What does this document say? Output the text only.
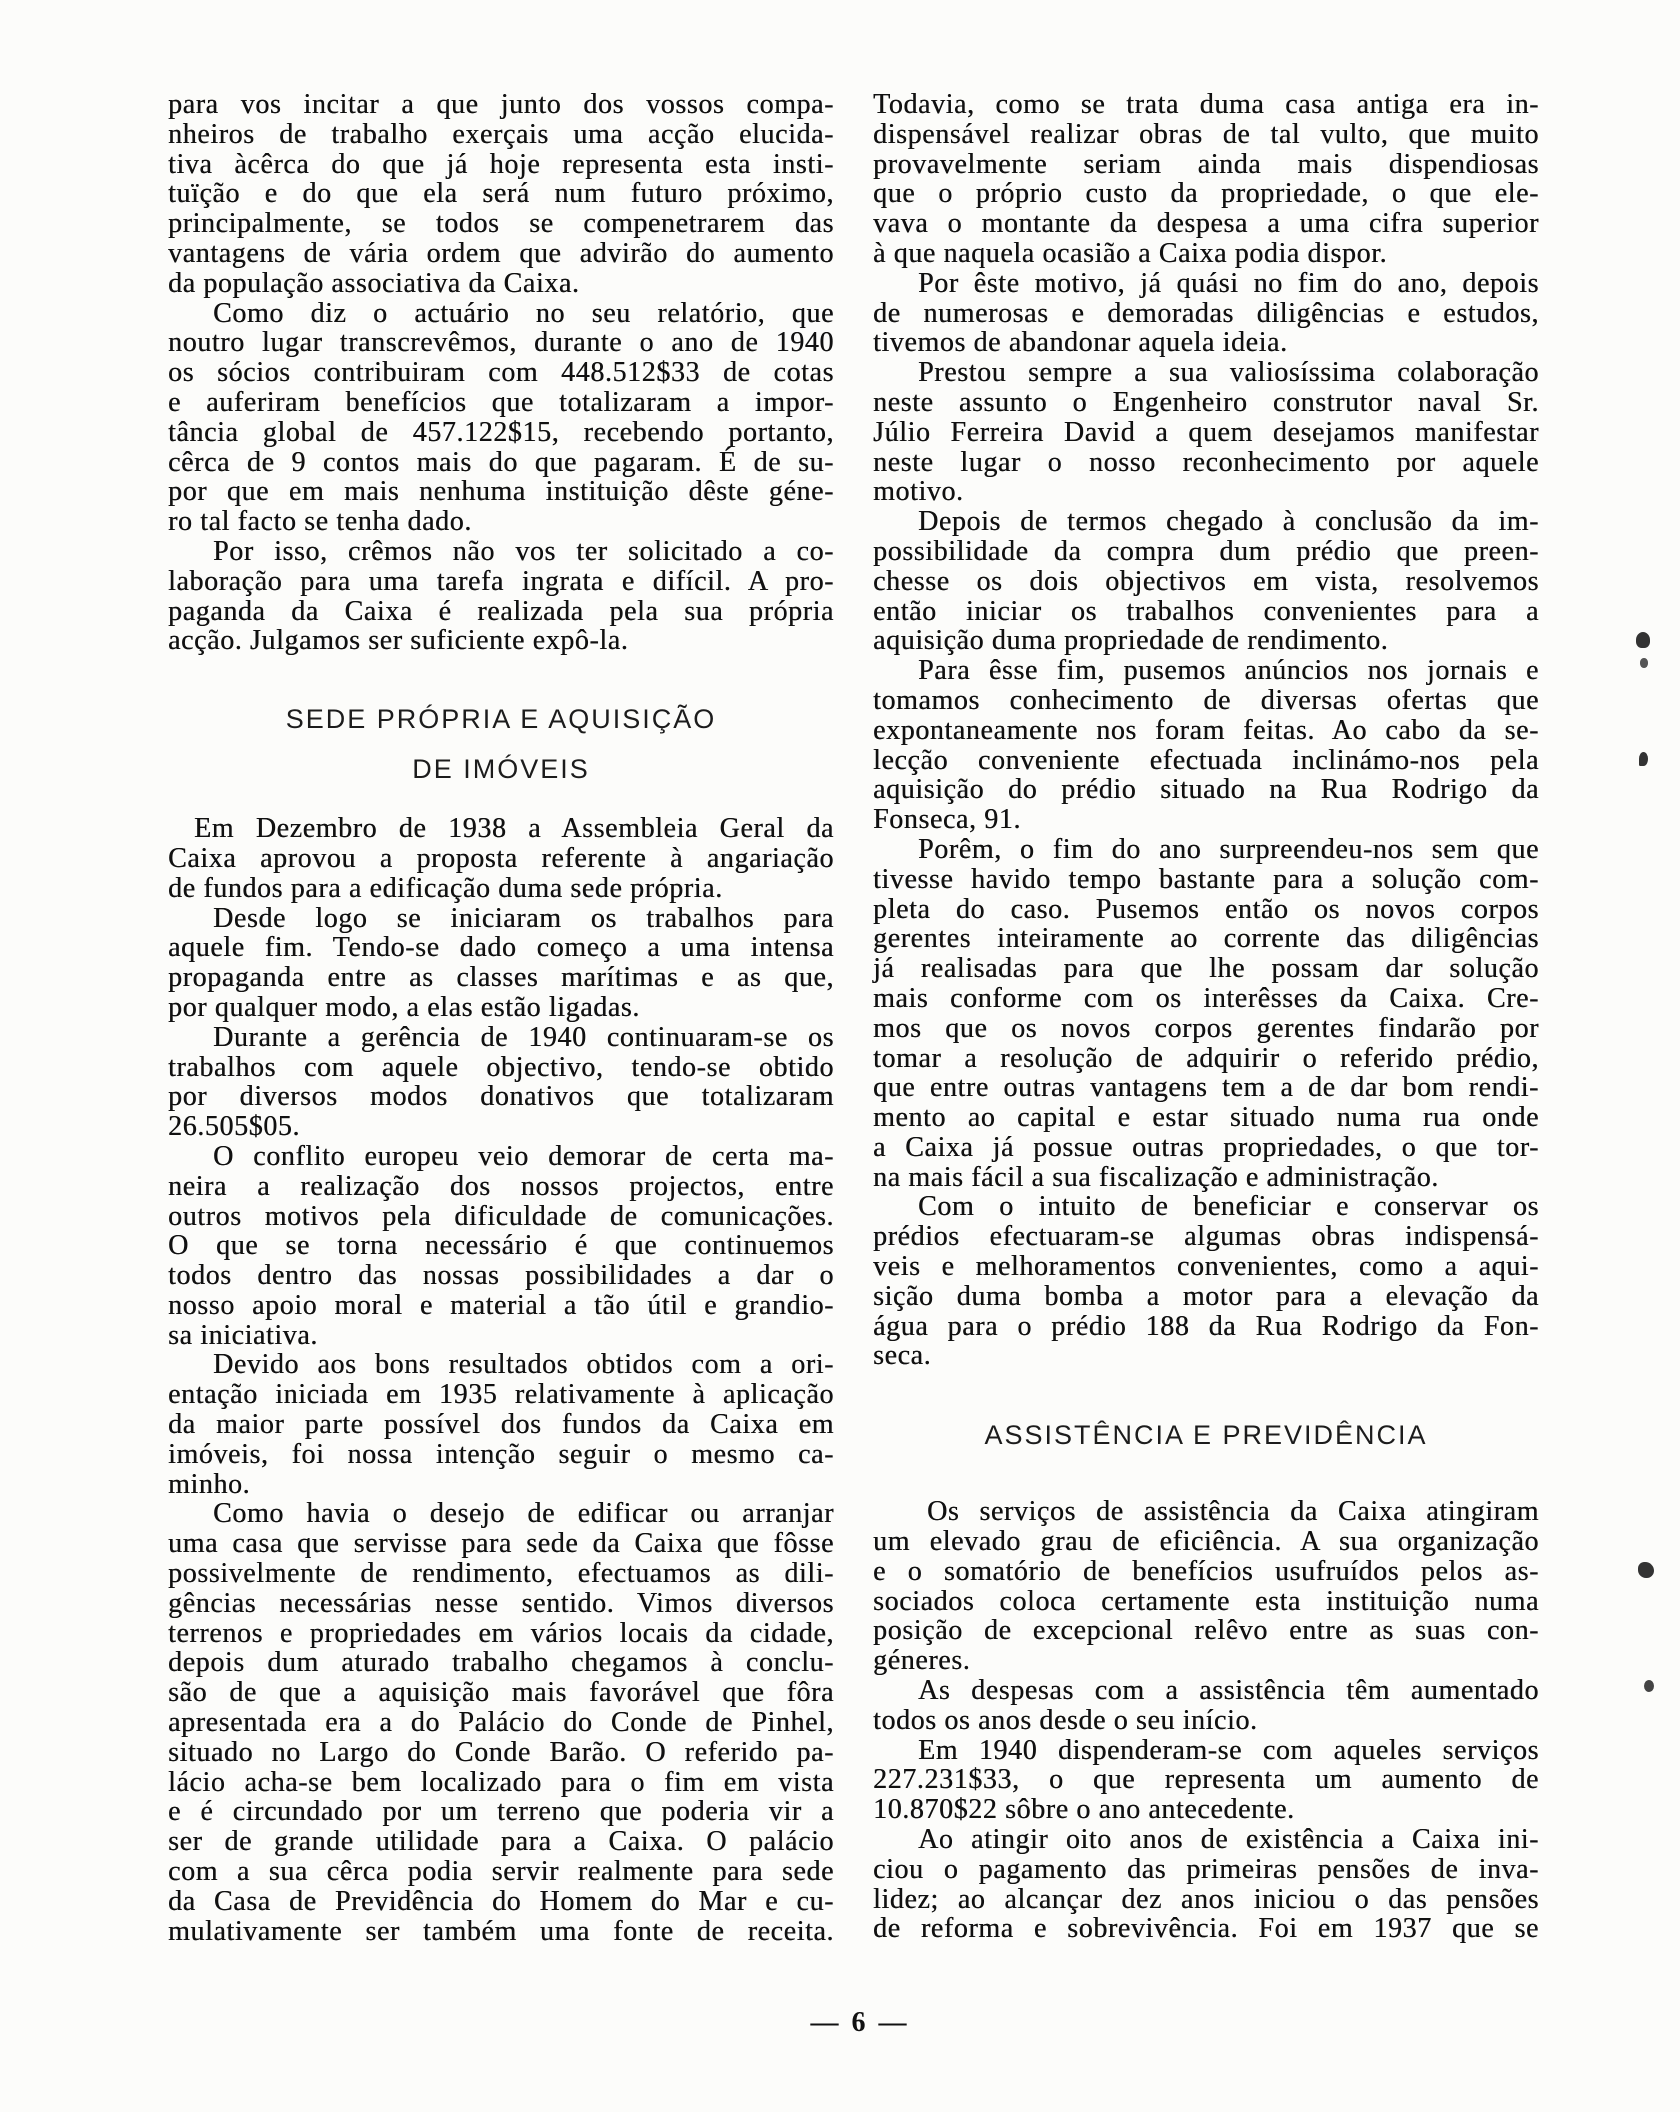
para vos incitar a que junto dos vossos compa-
nheiros de trabalho exerçais uma acção elucida-
tiva àcêrca do que já hoje representa esta insti-
tuïção e do que ela será num futuro próximo,
principalmente, se todos se compenetrarem das
vantagens de vária ordem que advirão do aumento
da população associativa da Caixa.
Como diz o actuário no seu relatório, que
noutro lugar transcrevêmos, durante o ano de 1940
os sócios contribuiram com 448.512$33 de cotas
e auferiram benefícios que totalizaram a impor-
tância global de 457.122$15, recebendo portanto,
cêrca de 9 contos mais do que pagaram. É de su-
por que em mais nenhuma instituição dêste géne-
ro tal facto se tenha dado.
Por isso, crêmos não vos ter solicitado a co-
laboração para uma tarefa ingrata e difícil. A pro-
paganda da Caixa é realizada pela sua própria
acção. Julgamos ser suficiente expô-la.
SEDE PRÓPRIA E AQUISIÇÃO
DE IMÓVEIS
Em Dezembro de 1938 a Assembleia Geral da
Caixa aprovou a proposta referente à angariação
de fundos para a edificação duma sede própria.
Desde logo se iniciaram os trabalhos para
aquele fim. Tendo-se dado começo a uma intensa
propaganda entre as classes marítimas e as que,
por qualquer modo, a elas estão ligadas.
Durante a gerência de 1940 continuaram-se os
trabalhos com aquele objectivo, tendo-se obtido
por diversos modos donativos que totalizaram
26.505$05.
O conflito europeu veio demorar de certa ma-
neira a realização dos nossos projectos, entre
outros motivos pela dificuldade de comunicações.
O que se torna necessário é que continuemos
todos dentro das nossas possibilidades a dar o
nosso apoio moral e material a tão útil e grandio-
sa iniciativa.
Devido aos bons resultados obtidos com a ori-
entação iniciada em 1935 relativamente à aplicação
da maior parte possível dos fundos da Caixa em
imóveis, foi nossa intenção seguir o mesmo ca-
minho.
Como havia o desejo de edificar ou arranjar
uma casa que servisse para sede da Caixa que fôsse
possivelmente de rendimento, efectuamos as dili-
gências necessárias nesse sentido. Vimos diversos
terrenos e propriedades em vários locais da cidade,
depois dum aturado trabalho chegamos à conclu-
são de que a aquisição mais favorável que fôra
apresentada era a do Palácio do Conde de Pinhel,
situado no Largo do Conde Barão. O referido pa-
lácio acha-se bem localizado para o fim em vista
e é circundado por um terreno que poderia vir a
ser de grande utilidade para a Caixa. O palácio
com a sua cêrca podia servir realmente para sede
da Casa de Previdência do Homem do Mar e cu-
mulativamente ser também uma fonte de receita.
Todavia, como se trata duma casa antiga era in-
dispensável realizar obras de tal vulto, que muito
provavelmente seriam ainda mais dispendiosas
que o próprio custo da propriedade, o que ele-
vava o montante da despesa a uma cifra superior
à que naquela ocasião a Caixa podia dispor.
Por êste motivo, já quási no fim do ano, depois
de numerosas e demoradas diligências e estudos,
tivemos de abandonar aquela ideia.
Prestou sempre a sua valiosíssima colaboração
neste assunto o Engenheiro construtor naval Sr.
Júlio Ferreira David a quem desejamos manifestar
neste lugar o nosso reconhecimento por aquele
motivo.
Depois de termos chegado à conclusão da im-
possibilidade da compra dum prédio que preen-
chesse os dois objectivos em vista, resolvemos
então iniciar os trabalhos convenientes para a
aquisição duma propriedade de rendimento.
Para êsse fim, pusemos anúncios nos jornais e
tomamos conhecimento de diversas ofertas que
expontaneamente nos foram feitas. Ao cabo da se-
lecção conveniente efectuada inclinámo-nos pela
aquisição do prédio situado na Rua Rodrigo da
Fonseca, 91.
Porêm, o fim do ano surpreendeu-nos sem que
tivesse havido tempo bastante para a solução com-
pleta do caso. Pusemos então os novos corpos
gerentes inteiramente ao corrente das diligências
já realisadas para que lhe possam dar solução
mais conforme com os interêsses da Caixa. Cre-
mos que os novos corpos gerentes findarão por
tomar a resolução de adquirir o referido prédio,
que entre outras vantagens tem a de dar bom rendi-
mento ao capital e estar situado numa rua onde
a Caixa já possue outras propriedades, o que tor-
na mais fácil a sua fiscalização e administração.
Com o intuito de beneficiar e conservar os
prédios efectuaram-se algumas obras indispensá-
veis e melhoramentos convenientes, como a aqui-
sição duma bomba a motor para a elevação da
água para o prédio 188 da Rua Rodrigo da Fon-
seca.
ASSISTÊNCIA E PREVIDÊNCIA
Os serviços de assistência da Caixa atingiram
um elevado grau de eficiência. A sua organização
e o somatório de benefícios usufruídos pelos as-
sociados coloca certamente esta instituição numa
posição de excepcional relêvo entre as suas con-
géneres.
As despesas com a assistência têm aumentado
todos os anos desde o seu início.
Em 1940 dispenderam-se com aqueles serviços
227.231$33, o que representa um aumento de
10.870$22 sôbre o ano antecedente.
Ao atingir oito anos de existência a Caixa ini-
ciou o pagamento das primeiras pensões de inva-
lidez; ao alcançar dez anos iniciou o das pensões
de reforma e sobrevivência. Foi em 1937 que se
— 6 —
